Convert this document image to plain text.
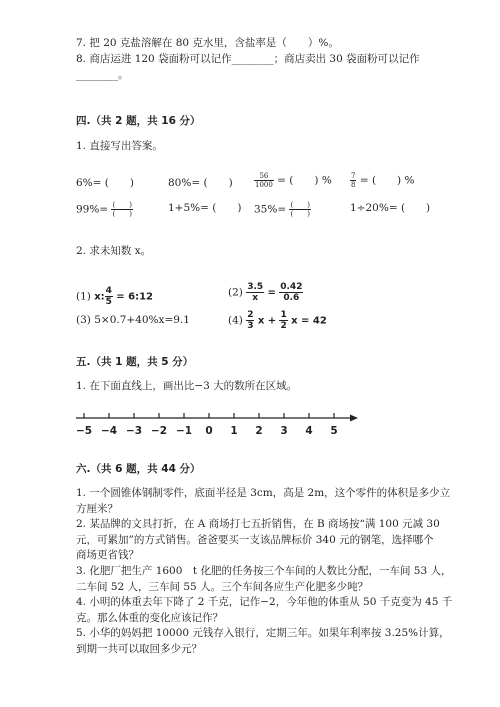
7. 把 20 克盐溶解在 80 克水里，含盐率是（　　）%。
8. 商店运进 120 袋面粉可以记作________；商店卖出 30 袋面粉可以记作
________。
四.（共 2 题，共 16 分）
1. 直接写出答案。
6%= (　　)	80%= (　　)	$\frac{56}{1000}$ = (　　) %	$\frac{7}{8}$ = (　　) %
$99\%= \frac{( )}{( )}$	1+5%= (　　) $35\%= \frac{( )}{( )}$	1÷20%= (　　)
2. 求未知数 x。
(1) x: $\frac{4}{5}$ = 6:12	$(2) \frac{3.5}{x} = \frac{0.42}{0.6}$
(3) 5×0.7+40%x=9.1	$(4) \frac{2}{3}$ $x + \frac{1}{2}$ x = 42
五.（共 1 题，共 5 分）
1. 在下面直线上，画出比−3 大的数所在区域。
−5 −4 −3 −2 −1 0 1 2 3 4 5
六.（共 6 题，共 44 分）
1. 一个圆锥体钢制零件，底面半径是 3cm，高是 2m，这个零件的体积是多少立
方厘米？
2. 某品牌的文具打折，在 A 商场打七五折销售，在 B 商场按“满 100 元减 30
元，可累加”的方式销售。爸爸要买一支该品牌标价 340 元的钢笔，选择哪个
商场更省钱？
3. 化肥厂把生产 1600　t 化肥的任务按三个车间的人数比分配，一车间 53 人，
二车间 52 人，三车间 55 人。三个车间各应生产化肥多少吨？
4. 小明的体重去年下降了 2 千克，记作−2，今年他的体重从 50 千克变为 45 千
克。那么体重的变化应该记作？
5. 小华的妈妈把 10000 元钱存入银行，定期三年。如果年利率按 3.25%计算，
到期一共可以取回多少元？
